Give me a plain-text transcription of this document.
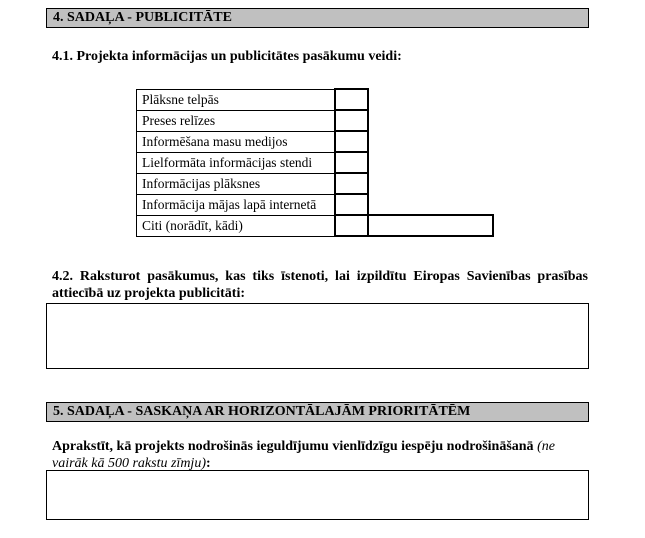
4. SADAĻA - PUBLICITĀTE
4.1. Projekta informācijas un publicitātes pasākumu veidi:
Plāksne telpās		
Preses relīzes		
Informēšana masu medijos		
Lielformāta informācijas stendi		
Informācijas plāksnes		
Informācija mājas lapā internetā		
Citi (norādīt, kādi)		
4.2. Raksturot pasākumus, kas tiks īstenoti, lai izpildītu Eiropas Savienības prasības attiecībā uz projekta publicitāti:
5. SADAĻA - SASKAŅA AR HORIZONTĀLAJĀM PRIORITĀTĒM
Aprakstīt, kā projekts nodrošinās ieguldījumu vienlīdzīgu iespēju nodrošināšanā (ne vairāk kā 500 rakstu zīmju):
